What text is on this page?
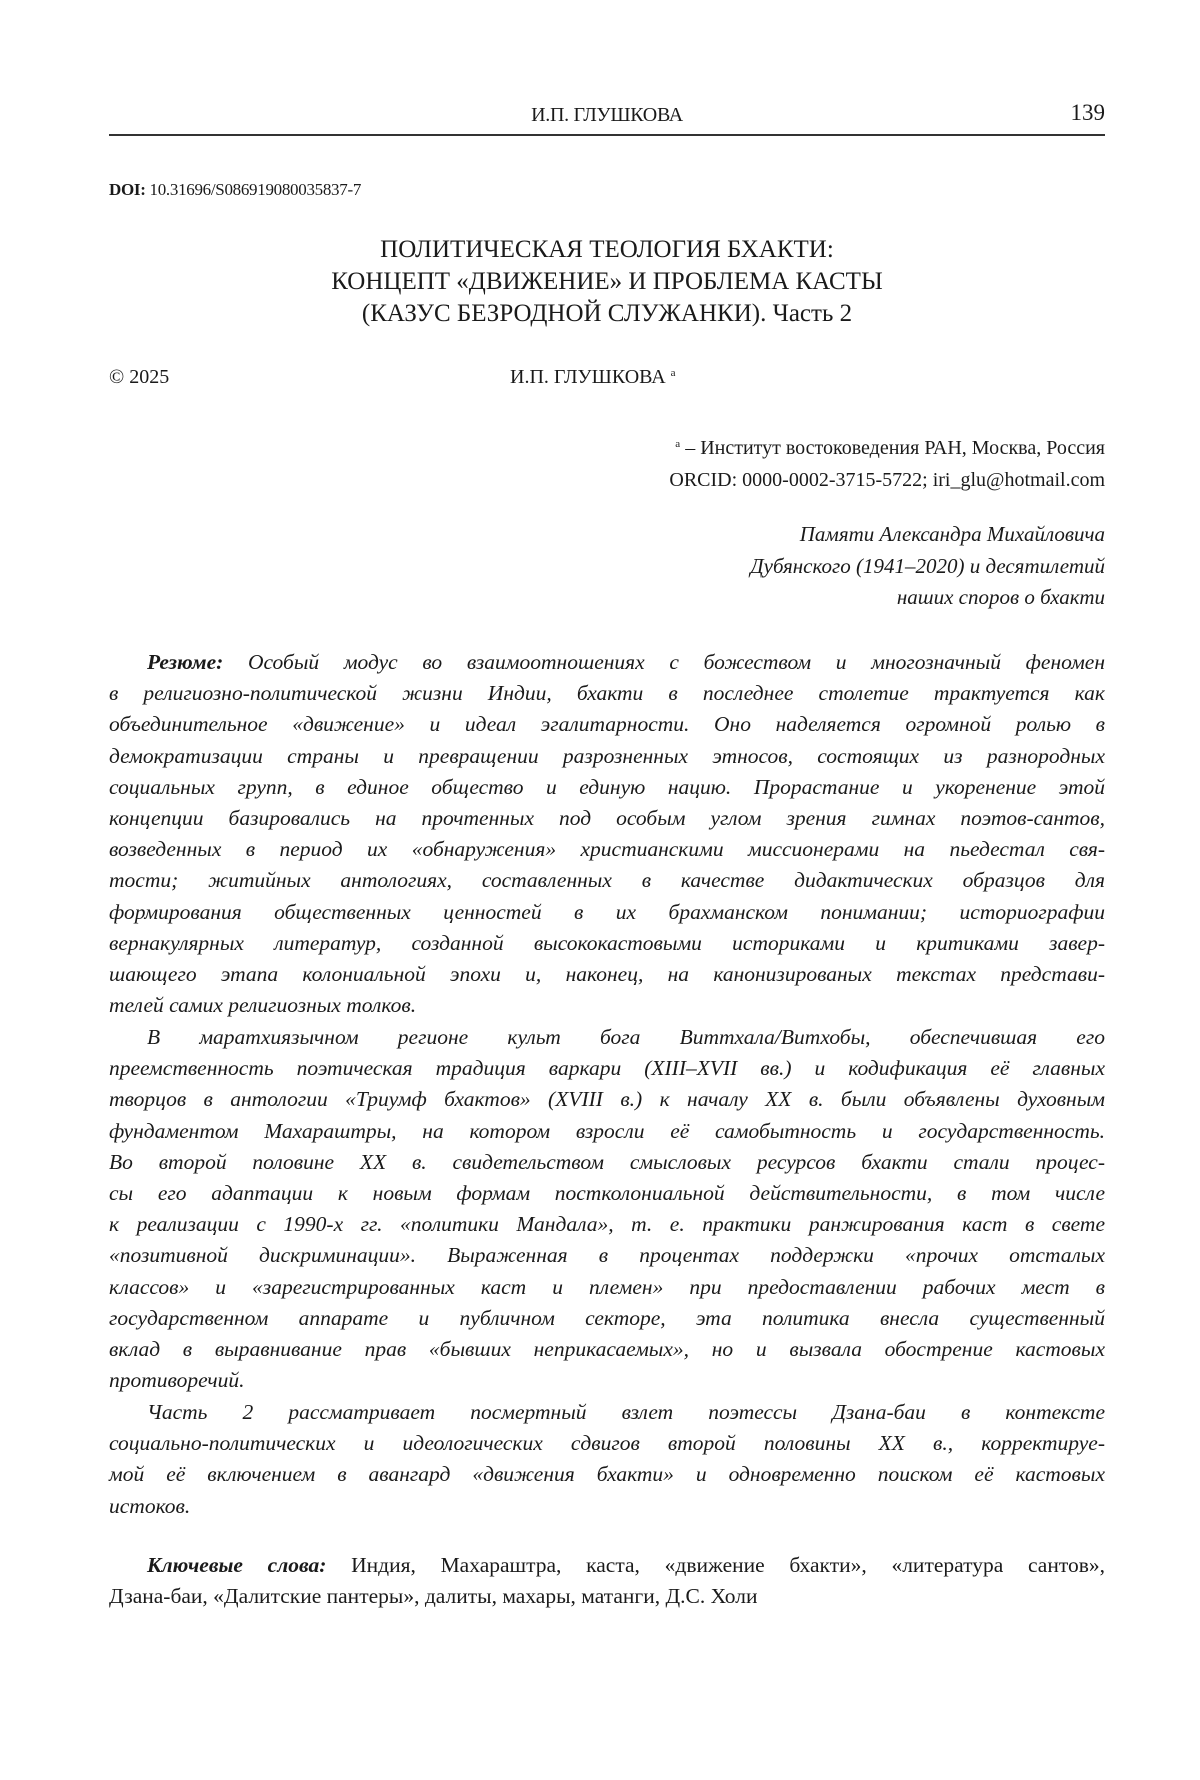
И.П. ГЛУШКОВА	139
DOI: 10.31696/S086919080035837-7
ПОЛИТИЧЕСКАЯ ТЕОЛОГИЯ БХАКТИ:
КОНЦЕПТ «ДВИЖЕНИЕ» И ПРОБЛЕМА КАСТЫ
(КАЗУС БЕЗРОДНОЙ СЛУЖАНКИ). Часть 2
© 2025	И.П. ГЛУШКОВА a
a – Институт востоковедения РАН, Москва, Россия
ORCID: 0000-0002-3715-5722; iri_glu@hotmail.com
Памяти Александра Михайловича
Дубянского (1941–2020) и десятилетий
наших споров о бхакти
Резюме: Особый модус во взаимоотношениях с божеством и многозначный феномен
в религиозно-политической жизни Индии, бхакти в последнее столетие трактуется как
объединительное «движение» и идеал эгалитарности. Оно наделяется огромной ролью в
демократизации страны и превращении разрозненных этносов, состоящих из разнородных
социальных групп, в единое общество и единую нацию. Прорастание и укоренение этой
концепции базировались на прочтенных под особым углом зрения гимнах поэтов-сантов,
возведенных в период их «обнаружения» христианскими миссионерами на пьедестал свя-
тости; житийных антологиях, составленных в качестве дидактических образцов для
формирования общественных ценностей в их брахманском понимании; историографии
вернакулярных литератур, созданной высококастовыми историками и критиками завер-
шающего этапа колониальной эпохи и, наконец, на канонизированых текстах представи-
телей самих религиозных толков.
В маратхиязычном регионе культ бога Виттхала/Витхобы, обеспечившая его
преемственность поэтическая традиция варкари (XIII–XVII вв.) и кодификация её главных
творцов в антологии «Триумф бхактов» (XVIII в.) к началу XX в. были объявлены духовным
фундаментом Махараштры, на котором взросли её самобытность и государственность.
Во второй половине XX в. свидетельством смысловых ресурсов бхакти стали процес-
сы его адаптации к новым формам постколониальной действительности, в том числе
к реализации с 1990-х гг. «политики Мандала», т. е. практики ранжирования каст в свете
«позитивной дискриминации». Выраженная в процентах поддержки «прочих отсталых
классов» и «зарегистрированных каст и племен» при предоставлении рабочих мест в
государственном аппарате и публичном секторе, эта политика внесла существенный
вклад в выравнивание прав «бывших неприкасаемых», но и вызвала обострение кастовых
противоречий.
Часть 2 рассматривает посмертный взлет поэтессы Дзана-баи в контексте
социально-политических и идеологических сдвигов второй половины XX в., корректируе-
мой её включением в авангард «движения бхакти» и одновременно поиском её кастовых
истоков.
Ключевые слова: Индия, Махараштра, каста, «движение бхакти», «литература сантов»,
Дзана-баи, «Далитские пантеры», далиты, махары, матанги, Д.С. Холи
